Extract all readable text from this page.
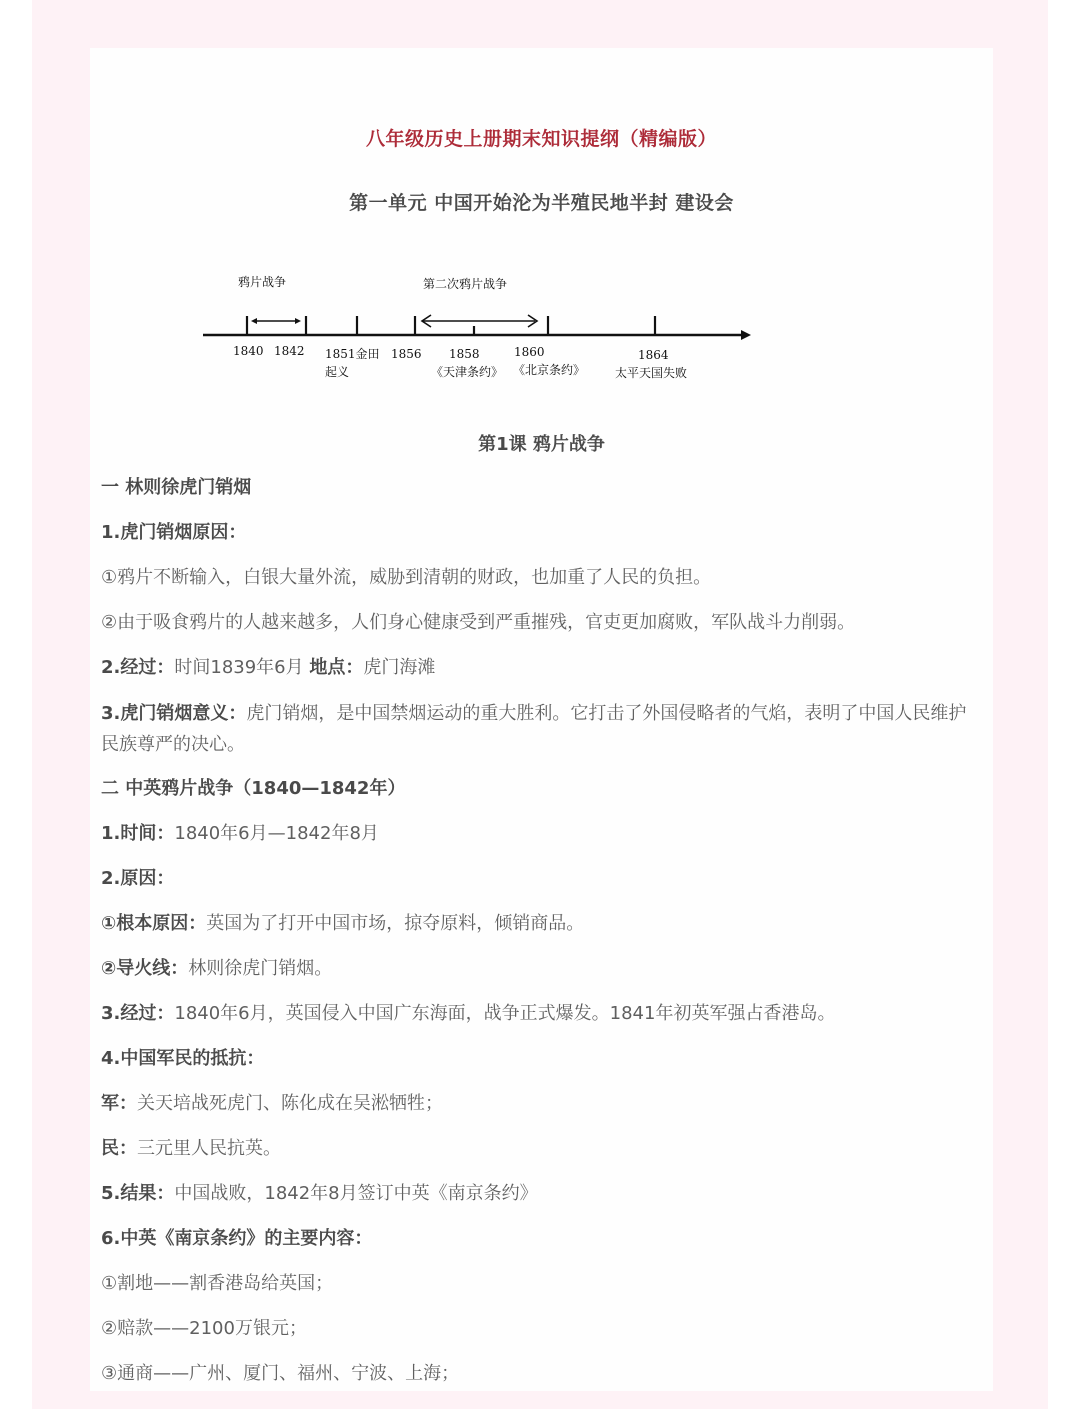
八年级历史上册期末知识提纲（精编版）
第一单元 中国开始沦为半殖民地半封 建设会
鸦片战争	第二次鸦片战争
1840 1842 1851金田
起义
1856 1858
《天津条约》
1860
《北京条约》
1864
太平天国失败
第1课 鸦片战争
一 林则徐虎门销烟
1.虎门销烟原因：
①鸦片不断输入，白银大量外流，威胁到清朝的财政，也加重了人民的负担。
②由于吸食鸦片的人越来越多，人们身心健康受到严重摧残，官吏更加腐败，军队战斗力削弱。
2.经过：时间1839年6月 地点：虎门海滩
3.虎门销烟意义：虎门销烟，是中国禁烟运动的重大胜利。它打击了外国侵略者的气焰，表明了中国人民维护民族尊严的决心。
二 中英鸦片战争（1840—1842年）
1.时间：1840年6月—1842年8月
2.原因：
①根本原因：英国为了打开中国市场，掠夺原料，倾销商品。
②导火线：林则徐虎门销烟。
3.经过：1840年6月，英国侵入中国广东海面，战争正式爆发。1841年初英军强占香港岛。
4.中国军民的抵抗：
军：关天培战死虎门、陈化成在吴淞牺牲；
民：三元里人民抗英。
5.结果：中国战败，1842年8月签订中英《南京条约》
6.中英《南京条约》的主要内容：
①割地——割香港岛给英国；
②赔款——2100万银元；
③通商——广州、厦门、福州、宁波、上海；
